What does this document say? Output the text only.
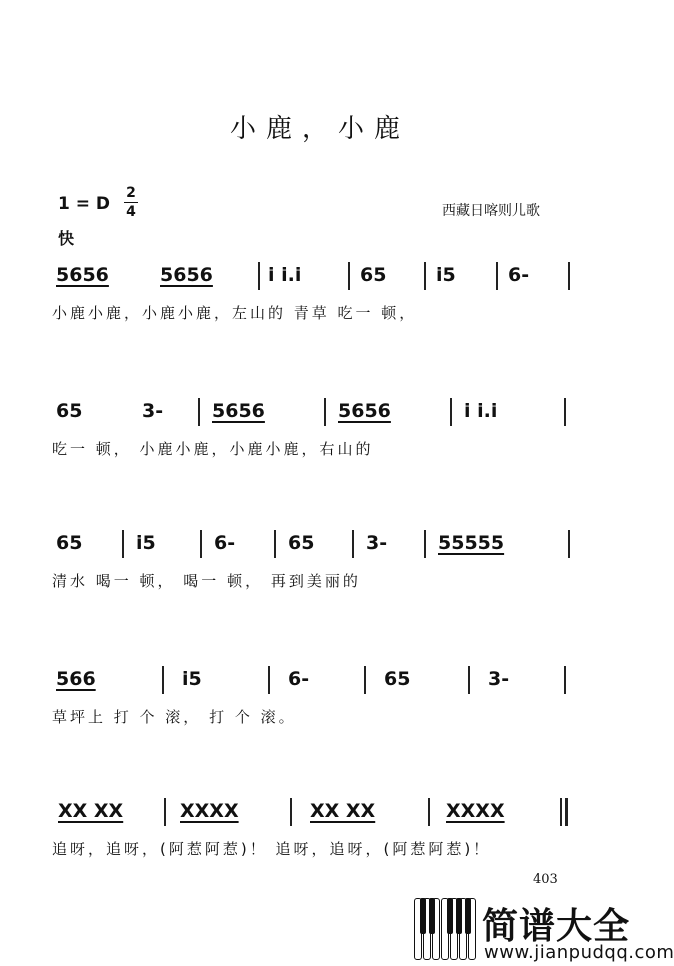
小鹿，小鹿
1 = D
2
4	西藏日喀则儿歌
快
5656	5656	i i.i	65	i5	6-
小鹿小鹿，小鹿小鹿，左山的 青草 吃一 顿，
65	3-	5656	5656	i i.i
吃一 顿， 小鹿小鹿，小鹿小鹿，右山的
65	i5	6-	65	3-	55555
清水 喝一 顿， 喝一 顿， 再到美丽的
566	i5	6-	65	3-
草坪上 打 个 滚， 打 个 滚。
XX XX	XXXX	XX XX	XXXX
追呀，追呀，(阿惹阿惹)！ 追呀，追呀，(阿惹阿惹)！
403
简谱大全
www.jianpudqq.com
